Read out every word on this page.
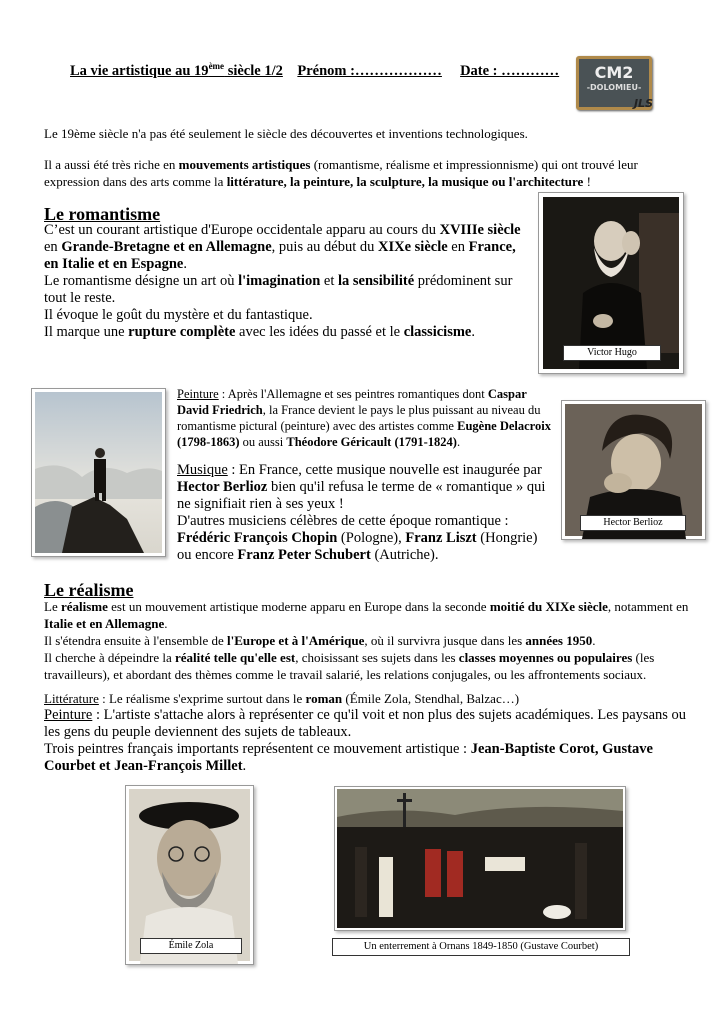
La vie artistique au 19ème siècle 1/2 Prénom :……………… Date : …………	CM2
-DOLOMIEU-
JLS
Le 19ème siècle n'a pas été seulement le siècle des découvertes et inventions technologiques.
Il a aussi été très riche en mouvements artistiques (romantisme, réalisme et impressionnisme) qui ont trouvé leur expression dans des arts comme la littérature, la peinture, la sculpture, la musique ou l'architecture !
Le romantisme
C’est un courant artistique d'Europe occidentale apparu au cours du XVIIIe siècle en Grande-Bretagne et en Allemagne, puis au début du XIXe siècle en France, en Italie et en Espagne.
Le romantisme désigne un art où l'imagination et la sensibilité prédominent sur tout le reste.
Il évoque le goût du mystère et du fantastique.
Il marque une rupture complète avec les idées du passé et le classicisme.
Victor Hugo
Peinture : Après l'Allemagne et ses peintres romantiques dont Caspar David Friedrich, la France devient le pays le plus puissant au niveau du romantisme pictural (peinture) avec des artistes comme Eugène Delacroix (1798-1863) ou aussi Théodore Géricault (1791-1824).
Musique : En France, cette musique nouvelle est inaugurée par Hector Berlioz bien qu'il refusa le terme de « romantique » qui ne signifiait rien à ses yeux !
D'autres musiciens célèbres de cette époque romantique :
Frédéric François Chopin (Pologne), Franz Liszt (Hongrie) ou encore Franz Peter Schubert (Autriche).
Hector Berlioz
Le réalisme
Le réalisme est un mouvement artistique moderne apparu en Europe dans la seconde moitié du XIXe siècle, notamment en Italie et en Allemagne.
Il s'étendra ensuite à l'ensemble de l'Europe et à l'Amérique, où il survivra jusque dans les années 1950.
Il cherche à dépeindre la réalité telle qu'elle est, choisissant ses sujets dans les classes moyennes ou populaires (les travailleurs), et abordant des thèmes comme le travail salarié, les relations conjugales, ou les affrontements sociaux.
Littérature : Le réalisme s'exprime surtout dans le roman (Émile Zola, Stendhal, Balzac…)
Peinture : L'artiste s'attache alors à représenter ce qu'il voit et non plus des sujets académiques. Les paysans ou les gens du peuple deviennent des sujets de tableaux.
Trois peintres français importants représentent ce mouvement artistique : Jean-Baptiste Corot, Gustave Courbet et Jean-François Millet.
Émile Zola	Un enterrement à Ornans 1849-1850 (Gustave Courbet)
